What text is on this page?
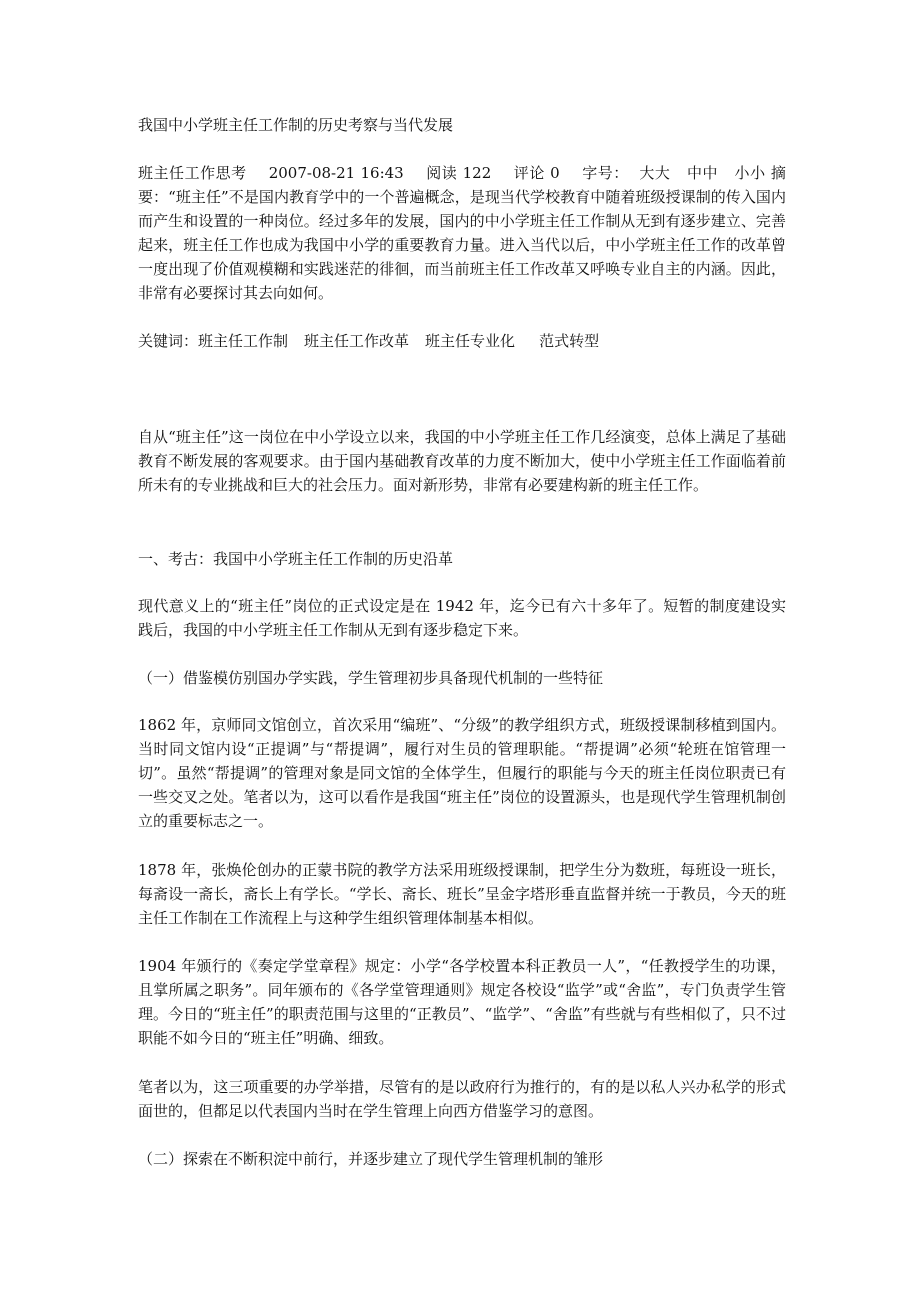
我国中小学班主任工作制的历史考察与当代发展

班主任工作思考 2007-08-21 16:43 阅读 122 评论 0 字号： 大大 中中 小小 摘要：“班主任”不是国内教育学中的一个普遍概念，是现当代学校教育中随着班级授课制的传入国内而产生和设置的一种岗位。经过多年的发展，国内的中小学班主任工作制从无到有逐步建立、完善起来，班主任工作也成为我国中小学的重要教育力量。进入当代以后，中小学班主任工作的改革曾一度出现了价值观模糊和实践迷茫的徘徊，而当前班主任工作改革又呼唤专业自主的内涵。因此，非常有必要探讨其去向如何。

关键词：班主任工作制 班主任工作改革 班主任专业化 范式转型

自从“班主任”这一岗位在中小学设立以来，我国的中小学班主任工作几经演变，总体上满足了基础教育不断发展的客观要求。由于国内基础教育改革的力度不断加大，使中小学班主任工作面临着前所未有的专业挑战和巨大的社会压力。面对新形势，非常有必要建构新的班主任工作。

一、考古：我国中小学班主任工作制的历史沿革

现代意义上的“班主任”岗位的正式设定是在 1942 年，迄今已有六十多年了。短暂的制度建设实践后，我国的中小学班主任工作制从无到有逐步稳定下来。

（一）借鉴模仿别国办学实践，学生管理初步具备现代机制的一些特征

1862 年，京师同文馆创立，首次采用“编班”、“分级”的教学组织方式，班级授课制移植到国内。当时同文馆内设“正提调”与“帮提调”，履行对生员的管理职能。“帮提调”必须“轮班在馆管理一切”。虽然“帮提调”的管理对象是同文馆的全体学生，但履行的职能与今天的班主任岗位职责已有一些交叉之处。笔者以为，这可以看作是我国“班主任”岗位的设置源头，也是现代学生管理机制创立的重要标志之一。

1878 年，张焕伦创办的正蒙书院的教学方法采用班级授课制，把学生分为数班，每班设一班长，每斋设一斋长，斋长上有学长。“学长、斋长、班长”呈金字塔形垂直监督并统一于教员，今天的班主任工作制在工作流程上与这种学生组织管理体制基本相似。

1904 年颁行的《奏定学堂章程》规定：小学“各学校置本科正教员一人”，“任教授学生的功课，且掌所属之职务”。同年颁布的《各学堂管理通则》规定各校设“监学”或“舍监”，专门负责学生管理。今日的“班主任”的职责范围与这里的“正教员”、“监学”、“舍监”有些就与有些相似了，只不过职能不如今日的“班主任”明确、细致。

笔者以为，这三项重要的办学举措，尽管有的是以政府行为推行的，有的是以私人兴办私学的形式面世的，但都足以代表国内当时在学生管理上向西方借鉴学习的意图。

（二）探索在不断积淀中前行，并逐步建立了现代学生管理机制的雏形
